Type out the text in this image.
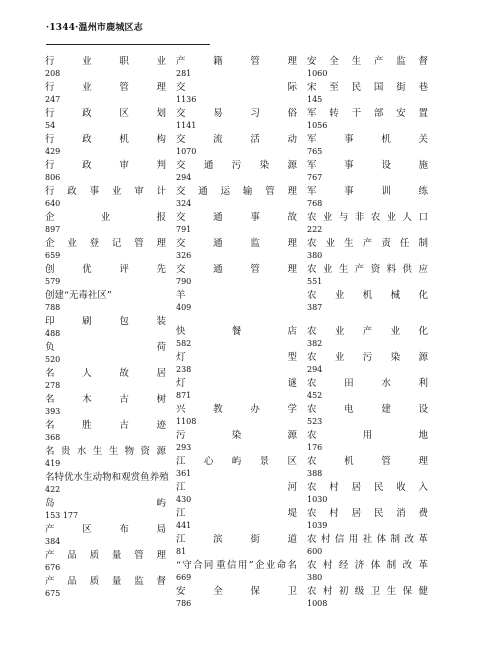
·1344·温州市鹿城区志
行	业	职	业
208
行	业	管	理
247
行	政	区	划
54
行	政	机	构
429
行	政	审	判
806
行 政 事 业 审 计
640
企	业	报
897
企 业 登 记 管 理
659
创	优	评	先
579
创建“无毒社区”
788
印	刷	包	装
488
负	荷
520
名	人	故	居
278
名	木	古	树
393
名	胜	古	迹
368
名 贵 水 生 生 物 资 源
419
名 特 优 水 生 动 物 和 观 赏 鱼 养 殖
422
岛	屿
153 177
产	区	布	局
384
产 品 质 量 管 理
676
产 品 质 量 监 督
675
产	籍	管	理
281
交	际
1136
交	易	习	俗
1141
交	流	活	动
1070
交 通 污 染 源
294
交 通 运 输 管 理
324
交	通	事	故
791
交	通	监	理
326
交	通	管	理
790
羊
409
快	餐	店
582
灯	型
238
灯	谜
871
兴	教	办	学
1108
污	染	源
293
江 心 屿 景 区
361
江	河
430
江	堤
441
江	滨	街	道
81
“ 守 合 同 重 信 用 ” 企 业 命 名
669
安	全	保	卫
786
安 全 生 产 监 督
1060
宋 至 民 国 街 巷
145
军 转 干 部 安 置
1056
军	事	机	关
765
军	事	设	施
767
军	事	训	练
768
农 业 与 非 农 业 人 口
222
农 业 生 产 责 任 制
380
农 业 生 产 资 料 供 应
551
农 业 机 械 化
387
农 业 产 业 化
382
农 业 污 染 源
294
农	田	水	利
452
农	电	建	设
523
农	用	地
176
农	机	管	理
388
农 村 居 民 收 入
1030
农 村 居 民 消 费
1039
农 村 信 用 社 体 制 改 革
600
农 村 经 济 体 制 改 革
380
农 村 初 级 卫 生 保 健
1008
